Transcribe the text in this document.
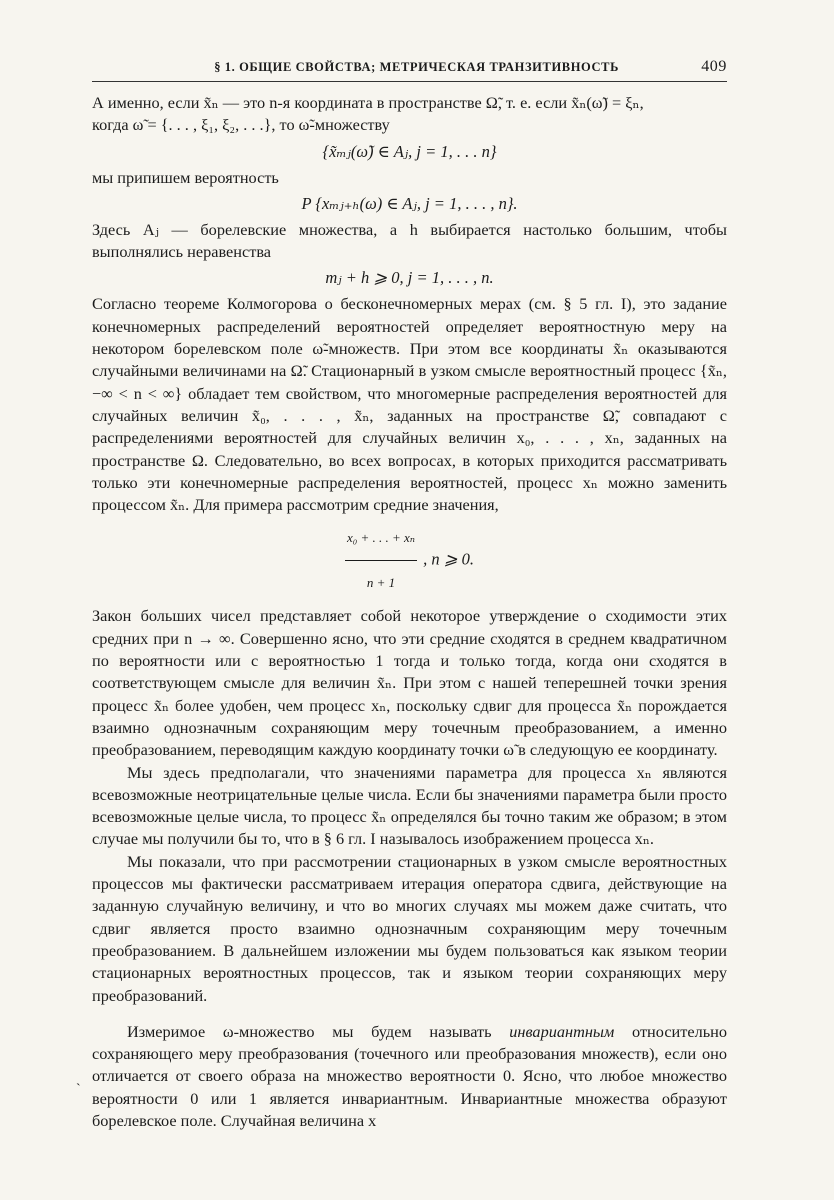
§ 1. ОБЩИЕ СВОЙСТВА; МЕТРИЧЕСКАЯ ТРАНЗИТИВНОСТЬ	409

А именно, если x̃ₙ — это n-я координата в пространстве Ω̃, т. е. если x̃ₙ(ω̃) = ξₙ,

когда ω̃ = {. . . , ξ₁, ξ₂, . . .}, то ω̃-множеству

{x̃ₘⱼ(ω̃) ∈ Aⱼ, j = 1, . . . n}

мы припишем вероятность

P {xₘⱼ₊ₕ(ω) ∈ Aⱼ, j = 1, . . . , n}.

Здесь Aⱼ — борелевские множества, а h выбирается настолько большим, чтобы выполнялись неравенства

mⱼ + h ⩾ 0, j = 1, . . . , n.

Согласно теореме Колмогорова о бесконечномерных мерах (см. § 5 гл. I), это задание конечномерных распределений вероятностей определяет вероятностную меру на некотором борелевском поле ω̃-множеств. При этом все координаты x̃ₙ оказываются случайными величинами на Ω̃. Стационарный в узком смысле вероятностный процесс {x̃ₙ, −∞ < n < ∞} обладает тем свойством, что многомерные распределения вероятностей для случайных величин x̃₀, . . . , x̃ₙ, заданных на пространстве Ω̃, совпадают с распределениями вероятностей для случайных величин x₀, . . . , xₙ, заданных на пространстве Ω. Следовательно, во всех вопросах, в которых приходится рассматривать только эти конечномерные распределения вероятностей, процесс xₙ можно заменить процессом x̃ₙ. Для примера рассмотрим средние значения,

$\frac{\text{x₀ + . . . + xₙ}}{n + 1}$ , n ⩾ 0.

Закон больших чисел представляет собой некоторое утверждение о сходимости этих средних при n → ∞. Совершенно ясно, что эти средние сходятся в среднем квадратичном по вероятности или с вероятностью 1 тогда и только тогда, когда они сходятся в соответствующем смысле для величин x̃ₙ. При этом с нашей теперешней точки зрения процесс x̃ₙ более удобен, чем процесс xₙ, поскольку сдвиг для процесса x̃ₙ порождается взаимно однозначным сохраняющим меру точечным преобразованием, а именно преобразованием, переводящим каждую координату точки ω̃ в следующую ее координату.

Мы здесь предполагали, что значениями параметра для процесса xₙ являются всевозможные неотрицательные целые числа. Если бы значениями параметра были просто всевозможные целые числа, то процесс x̃ₙ определялся бы точно таким же образом; в этом случае мы получили бы то, что в § 6 гл. I называлось изображением процесса xₙ.

Мы показали, что при рассмотрении стационарных в узком смысле вероятностных процессов мы фактически рассматриваем итерация оператора сдвига, действующие на заданную случайную величину, и что во многих случаях мы можем даже считать, что сдвиг является просто взаимно однозначным сохраняющим меру точечным преобразованием. В дальнейшем изложении мы будем пользоваться как языком теории стационарных вероятностных процессов, так и языком теории сохраняющих меру преобразований.

Измеримое ω-множество мы будем называть инвариантным относительно сохраняющего меру преобразования (точечного или преобразования множеств), если оно отличается от своего образа на множество вероятности 0. Ясно, что любое множество вероятности 0 или 1 является инвариантным. Инвариантные множества образуют борелевское поле. Случайная величина x

`
